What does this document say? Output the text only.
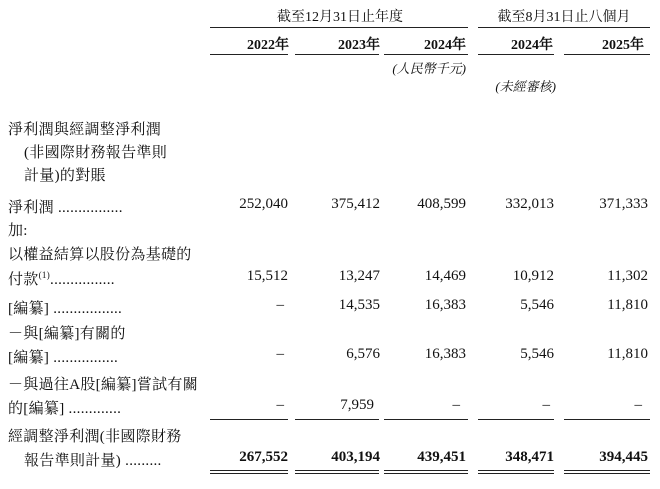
截至12月31日止年度	截至8月31日止八個月
2022年	2023年	2024年	2024年	2025年
(人民幣千元)
(未經審核)
淨利潤與經調整淨利潤
(非國際財務報告準則
計量)的對賬
淨利潤 ................	252,040	375,412	408,599	332,013	371,333
加:
以權益結算以股份為基礎的
付款$^{(1)}$................	15,512	13,247	14,469	10,912	11,302
[編纂] .................	–	14,535	16,383	5,546	11,810
－與[編纂]有關的
[編纂] ................	–	6,576	16,383	5,546	11,810
－與過往A股[編纂]嘗試有關
的[編纂] .............	–	7,959	–	–	–
經調整淨利潤(非國際財務
報告準則計量) .........	267,552	403,194	439,451	348,471	394,445
